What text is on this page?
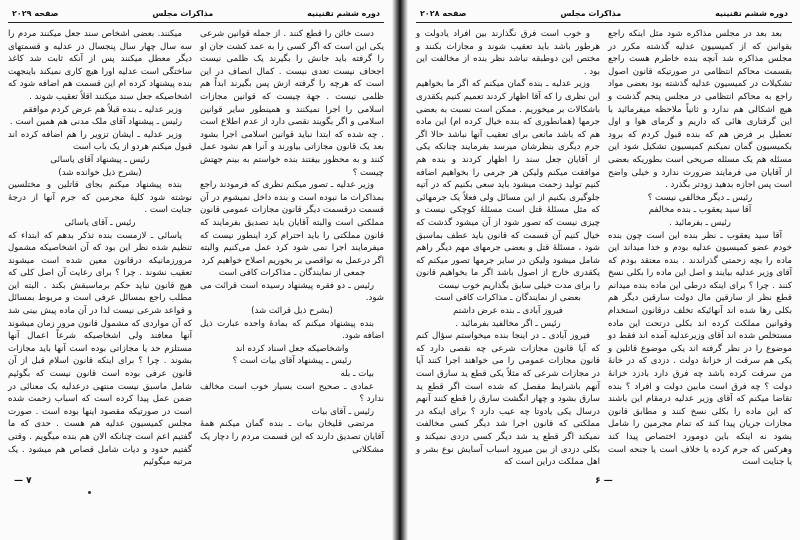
دوره ششم تقنینیه
مذاکرات مجلس
صفحه ۲۰۲۹

دست خائن را قطع کنند . از جمله قوانین شرعی یکی این است که اگر کسی را به عمد کشت جان او را گرفته باید جانش را بگیرند یک ظلمی نیست اجحاف نیست تعدی نیست . کمال انصاف در این است که هرچه را گرفته ازش پس بگیرند ابداً هم ظلمی نیست . جهة چیست که قوانین مجازات اسلامی را اجرا نمیکنند و همینطور سایر قوانین اسلامی و اگر بگویند نقصی دارد از عدم اطلاع است . چه شده که ابتدا نباید قوانین اسلامی اجرا بشود بعد یک قانون مجازاتی بیاورند و آنرا هم نشود عمل کنند و به محظور بیفتند بنده خواستم به بینم جهتش چیست ؟

وزیر عدلیه ـ تصور میکنم نظری که فرمودند راجع بمذاکرات ما نبوده است و بنده داخل نمیشوم در آن قسمت درقسمت دیگر قانون مجازات عمومی قانون مملکتی است والبته آقایان باید تصدیق بفرمایند که قانون مملکتی را باید احترام کرد اینطور نیست که میفرمایند اجرا نمی شود کرد عمل می‌کنیم والبته اگر درعمل به نواقصی بر بخوریم اصلاح خواهیم کرد

جمعی از نمایندگان ـ مذاکرات کافی است

رئیس ـ دو فقره پیشنهاد رسیده است قرائت می شود.

(بشرح ذیل قرائت شد)

بنده پیشنهاد میکنم که بمادهٔ واحده عبارت ذیل اضافه شود.

واشخاصیکه جعل اسناد کرده اند

رئیس ـ پیشنهاد آقای بیات است ؟

بیات ـ بله

عمادی ـ صحیح است بسیار خوب است مخالف ندارد ؟

رئیس ـ آقای بیات

مرتضی قلیخان بیات ـ بنده گمان میکنم همهٔ آقایان تصدیق دارند که این قسمت مردم را دچار یک مشکلاتی

میکنند. بعضی اشخاص سند جعل میکنند مردم را سه سال چهار سال پنجسال در عدلیه و قسمتهای دیگر معطل میکنند پس از آنکه ثابت شد کاغذ ساختگی است عدلیه اورا هیچ کاری نمیکند باینجهت بنده پیشنهاد کرده ام این قسمت هم اضافه شود که اشخاصیکه جعل سند میکنند اقلاً تعقیب شوند .

وزیر عدلیه ـ بنده قبلاً هم عرض کردم موافقم

رئیس ـ پیشنهاد آقای ملک مدنی هم همین است .

وزیر عدلیه ـ ایشان تزویر را هم اضافه کرده اند قبول میکنم هردو از یک باب است

رئیس ـ پیشنهاد آقای یاسائی

(بشرح ذیل خوانده شد)

بنده پیشنهاد میکنم بجای قاتلین و مختلسین نوشته شود کلیهٔ مجرمین که جرم آنها از درجهٔ جنایت است .

رئیس ـ آقای یاسائی

یاسائی ـ لازمست بنده تذکر بدهم که ابتداء که تنظیم شده نظر این بود که آن اشخاصیکه مشمول مرورزمانیکه درقانون معین شده است میشوند تعقیب نشوند . چرا ؟ برای رعایت آن اصل کلی که هیچ قانون نباید حکم برماسبقش بکند . البته این مطلب راجع بمسائل عرفی است و مربوط بمسائل و قواعد شرعی نیست لذا در آن ماده پیش بینی شد که آن مواردی که مشمول قانون مرور زمان میشوند آنها معافند ولی اشخاصیکه شرعاً اعمال آنها مستلزم حد یا مجازاتی بوده است آنها باید مجازات بشوند . چرا ؟ برای اینکه قانون اسلام قبل از آن قانون عرفی بوده است قانون نیست که بگوئیم شامل ماسبق نیست منتهی درعدلیه یک معنائی در ضمن عمل پیدا کرده است که اسباب زحمت شده است در صورتیکه مقصود اینها بوده است . صورت مجلس کمیسیون عدلیه هم هست . حدی که ما گفتیم اعم است چنانکه الان هم بنده میگویم . وقتی گفتیم حدود و دیات شامل قصاص هم میشود . یک مرتبه میگوئیم

۷ —
دوره ششم تقنینیه
مذاکرات مجلس
صفحه ۲۰۲۸

بعد بعد در مجلس مذاکره شود مثل اینکه راجع بقوانین که از کمیسیون عدلیه گذشته مکرر در مجلس مذاکره شد آنچه بنده خاطرم هست راجع بقسمت محاکم انتظامی در صورتیکه قانون اصول تشکیلات در کمیسیون عدلیه گذشته بود بعضی مواد راجع به محاکم انتظامی در مجلس پنجم گذشت و هیچ اشکالی هم ندارد و ثانیاً ملاحظه میفرمائید با این گرفتاری هائی که داریم و گرمای هوا و اول تعطیل بر فرض هم که بنده قبول کردم که برود بکمیسیون گمان نمیکنم کمیسیون تشکیل شود این مسئله هم یک مسئله صریحی است بطوریکه بعضی از آقایان می فرمایند ضرورت ندارد و خیلی واضح است پس اجازه بدهید زودتر بگذرد .

رئیس ـ دیگر مخالفی نیست ؟

آقا سید یعقوب ـ بنده مخالفم

رئیس ـ بفرمائید .

آقا سید یعقوب ـ نظر بنده این است چون بنده خودم عضو کمیسیون عدلیه بودم و خدا میداند این ماده را بچه زحمتی گذراندند . بنده معتقد بودم که آقای وزیر عدلیه بیایند و اصل این ماده را بکلی نسخ کنند . چرا ؟ برای اینکه درطی این ماده بنده میدانم قطع نظر از سارقین مال دولت سارقین دیگر هم بکلی رها شده اند آنهائیکه تخلف درقانون استخدام وقوانین مملکت کرده اند بکلی درتحت این ماده مستخلص شده اند آقای وزیرعدلیه آمده اند فقط دو موضوع را در نظر گرفته اند یکی موضوع قاتلین و یکی هم سرقت از خزانهٔ دولت . دزدی که در خانهٔ من سرقت کرده باشد چه فرق دارد بادزد خزانهٔ دولت ؟ چه فرق است مابین دولت و افراد ؟ بنده تقاضا میکنم که آقای وزیر عدلیه درمقام این باشند که این ماده را بکلی نسخ کنند و مطابق قانون مجازات جریان پیدا کند که تمام مجرمین را شامل بشود نه اینکه باین دومورد اختصاص پیدا کند وهرکس که جرم کرده یا خلاف است یا جنحه است یا جنایت است

و خوب است فرق نگذارند بین افراد یادولت و هرطور باشد باید تعقیب شوند و مجازات بکنند و مختص این دوطبقه نباشد نظر بنده از مخالفت این بود .

وزیر عدلیه ـ بنده گمان میکنم که اگر ما بخواهیم این نظری را که آقا اظهار کردند تعمیم کنیم یکقدری باشکالات بر میخوریم . ممکن است نسبت به بعضی جرمها (همانطوری که بنده خیال کرده ام) این ماده هم که باشد مانعی برای تعقیب آنها نباشد حالا اگر جرم دیگری بنظرشان میرسد بفرمایند چنانکه یکی از آقایان جعل سند را اظهار کردند و بنده هم موافقت میکنم ولیکن هر جرمی را بخواهیم اضافه کنیم تولید زحمت میشود باید سعی بکنیم که در آتیه جلوگیری بکنیم از این مسائل ولی فعلاً یک جرمهائی که مثل مسئلهٔ قتل است مسئلهٔ کوچکی نیست و چیزی نیست که تصور شود از آن میشود گذشت که خیال کنیم آن قسمت که قانون باید عطف بماسبق شود ، مسئلهٔ قتل و بعضی جرمهای مهم دیگر راهم شامل میشود ولیکن در سایر جرمها تصور میکنم که یکقدری خارج از اصول باشد اگر ما بخواهیم قانون را برای مدت خیلی سابق بگذاریم خوب نیست

بعضی از نمایندگان ـ مذاکرات کافی است

فیروز آبادی ـ بنده عرض داشتم

رئیس ـ اگر مخالفید بفرمائید .

فیروز آبادی ـ در اینجا بنده میخواستم سؤال کنم که آیا قانون مجازات شرعی چه نقصی دارد که قانون مجازات عمومی را می خواهند اجرا کنند آیا در مجازات شرعی که مثلاً یکی قطع ید سارق است آنهم باشرایط مفصل که شده است اگر قطع ید سارق بشود و چهار انگشت سارق را قطع کنند آنهم درسال یکی یادوتا چه عیب دارد ؟ برای اینکه در مملکتی که قانون اجرا شد دیگر کسی مخالفت نمیکند اگر قطع ید شد دیگر کسی دزدی نمیکند و بکلی دزدی از بین میرود اسباب آسایش نوع بشر و اهل مملکت دراین است که

— ۶
